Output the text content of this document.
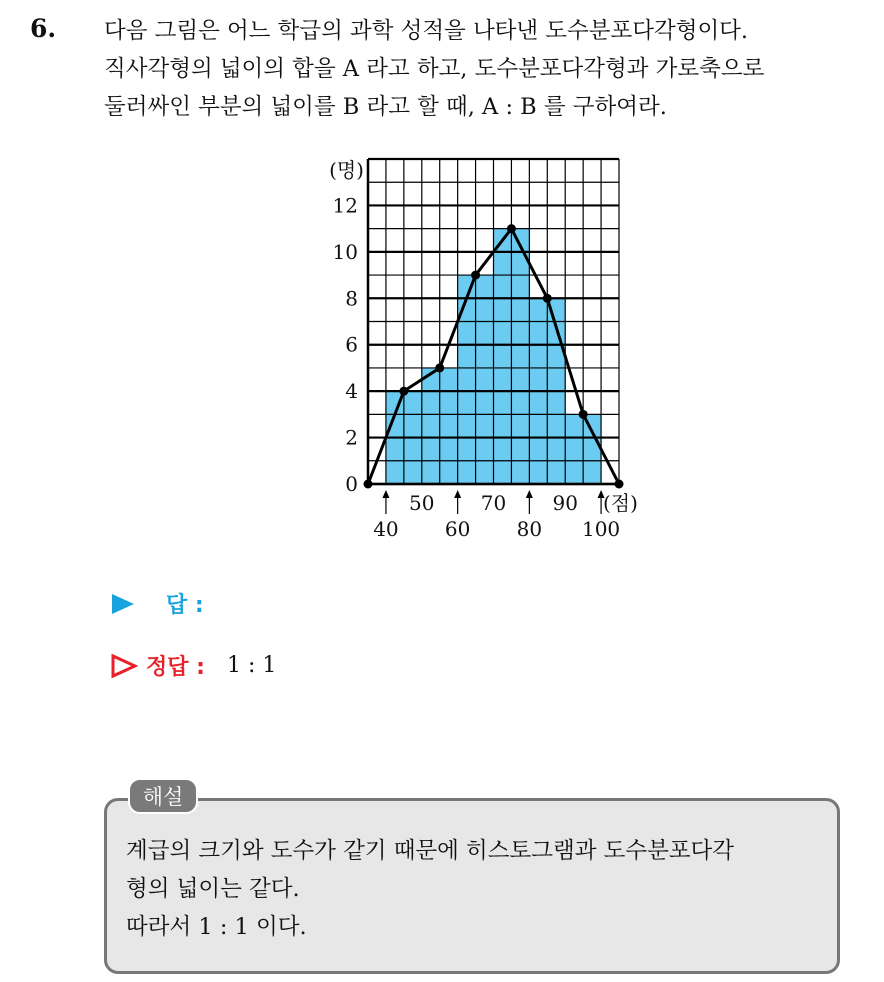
6. 다음 그림은 어느 학급의 과학 성적을 나타낸 도수분포다각형이다.
직사각형의 넓이의 합을 A 라고 하고, 도수분포다각형과 가로축으로
둘러싸인 부분의 넓이를 B 라고 할 때, A : B 를 구하여라.
0
2
4
6
8
10
12
(명)
50 70 90
40 60 80 100
(점)
답 :
정답 : 1 : 1
해설
계급의 크기와 도수가 같기 때문에 히스토그램과 도수분포다각
형의 넓이는 같다.
따라서 1 : 1 이다.
